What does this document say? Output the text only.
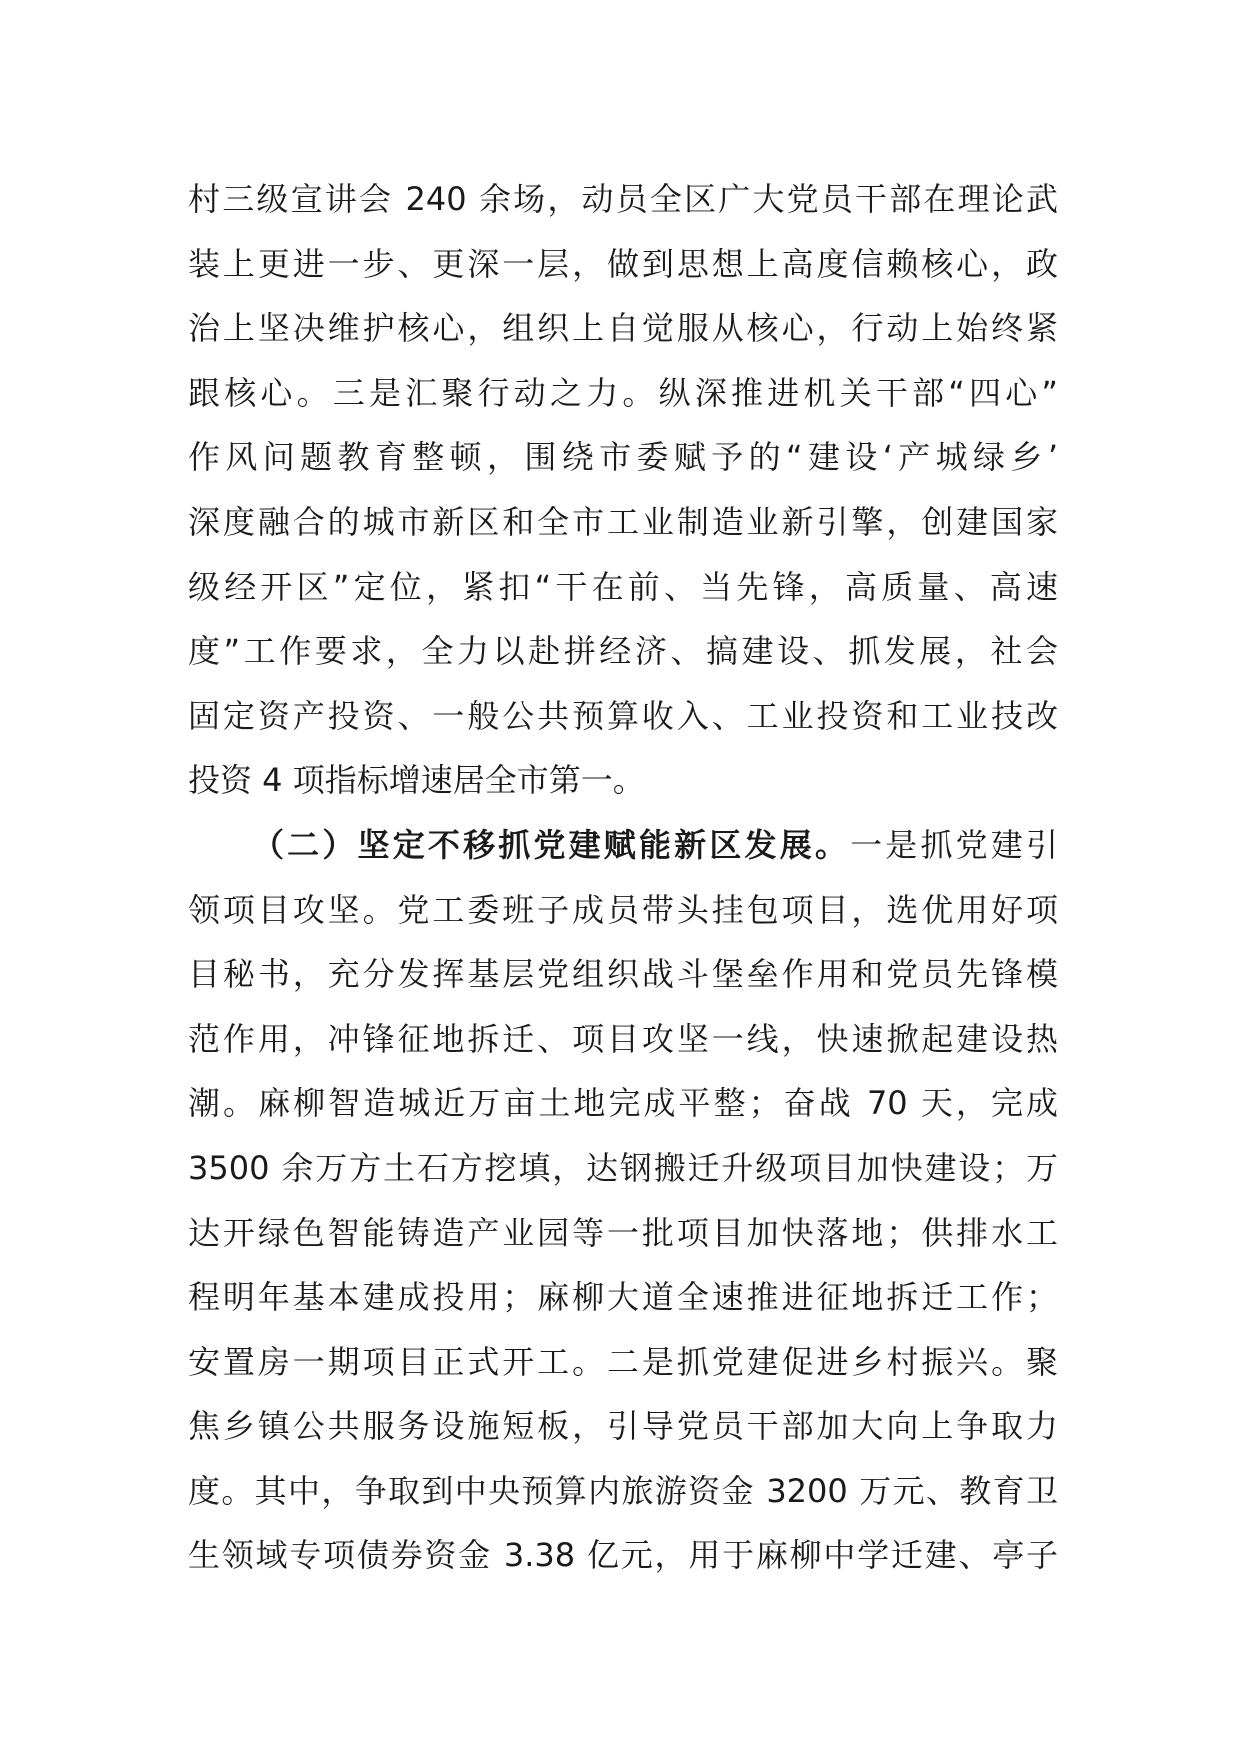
村三级宣讲会 240 余场，动员全区广大党员干部在理论武
装上更进一步、更深一层，做到思想上高度信赖核心，政
治上坚决维护核心，组织上自觉服从核心，行动上始终紧
跟核心。三是汇聚行动之力。纵深推进机关干部“四心”
作风问题教育整顿，围绕市委赋予的“建设‘产城绿乡’
深度融合的城市新区和全市工业制造业新引擎，创建国家
级经开区”定位，紧扣“干在前、当先锋，高质量、高速
度”工作要求，全力以赴拼经济、搞建设、抓发展，社会
固定资产投资、一般公共预算收入、工业投资和工业技改
投资 4 项指标增速居全市第一。
（二）坚定不移抓党建赋能新区发展。一是抓党建引
领项目攻坚。党工委班子成员带头挂包项目，选优用好项
目秘书，充分发挥基层党组织战斗堡垒作用和党员先锋模
范作用，冲锋征地拆迁、项目攻坚一线，快速掀起建设热
潮。麻柳智造城近万亩土地完成平整；奋战 70 天，完成
3500 余万方土石方挖填，达钢搬迁升级项目加快建设；万
达开绿色智能铸造产业园等一批项目加快落地；供排水工
程明年基本建成投用；麻柳大道全速推进征地拆迁工作；
安置房一期项目正式开工。二是抓党建促进乡村振兴。聚
焦乡镇公共服务设施短板，引导党员干部加大向上争取力
度。其中，争取到中央预算内旅游资金 3200 万元、教育卫
生领域专项债券资金 3.38 亿元，用于麻柳中学迁建、亭子
